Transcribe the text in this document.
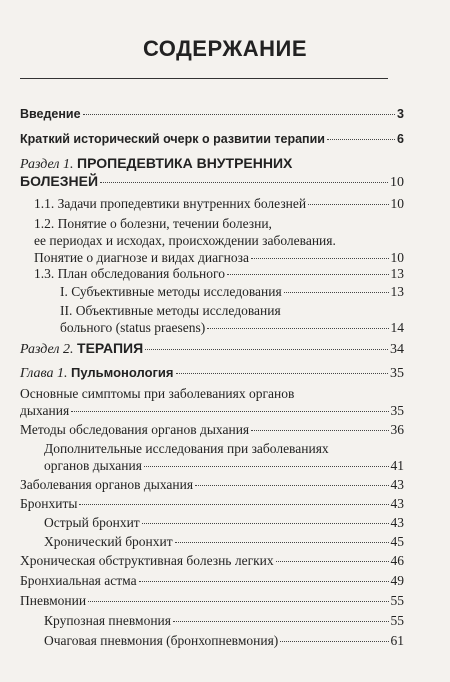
СОДЕРЖАНИЕ
Введение	3
Краткий исторический очерк о развитии терапии	6
Раздел 1. ПРОПЕДЕВТИКА ВНУТРЕННИХ
БОЛЕЗНЕЙ	10
1.1. Задачи пропедевтики внутренних болезней	10
1.2. Понятие о болезни, течении болезни,
ее периодах и исходах, происхождении заболевания.
Понятие о диагнозе и видах диагноза	10
1.3. План обследования больного	13
I. Субъективные методы исследования	13
II. Объективные методы исследования
больного (status praesens)	14
Раздел 2. ТЕРАПИЯ	34
Глава 1. Пульмонология	35
Основные симптомы при заболеваниях органов
дыхания	35
Методы обследования органов дыхания	36
Дополнительные исследования при заболеваниях
органов дыхания	41
Заболевания органов дыхания	43
Бронхиты	43
Острый бронхит	43
Хронический бронхит	45
Хроническая обструктивная болезнь легких	46
Бронхиальная астма	49
Пневмонии	55
Крупозная пневмония	55
Очаговая пневмония (бронхопневмония)	61
